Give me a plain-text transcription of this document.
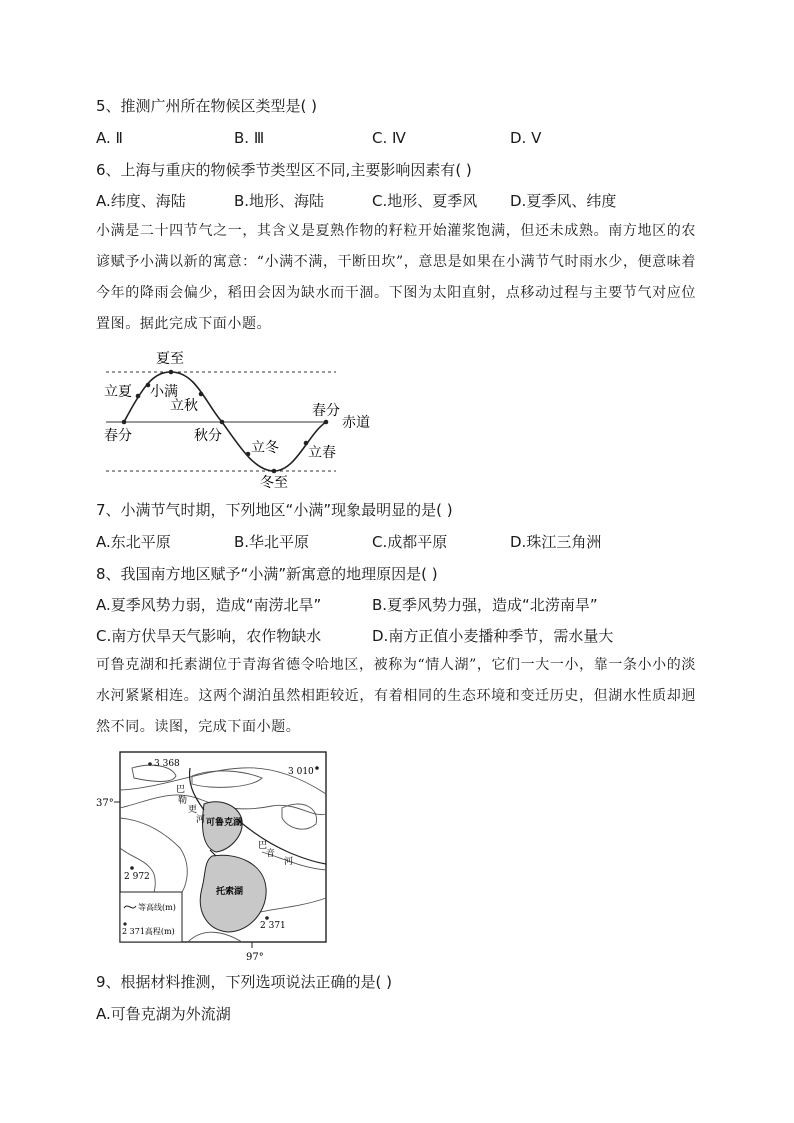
5、推测广州所在物候区类型是( )
A. Ⅱ	B. Ⅲ	C. Ⅳ	D. V
6、上海与重庆的物候季节类型区不同,主要影响因素有( )
A.纬度、海陆	B.地形、海陆	C.地形、夏季风 D.夏季风、纬度
小满是二十四节气之一，其含义是夏熟作物的籽粒开始灌浆饱满，但还未成熟。南方地区的农谚赋予小满以新的寓意：“小满不满，干断田坎”，意思是如果在小满节气时雨水少，便意味着今年的降雨会偏少，稻田会因为缺水而干涸。下图为太阳直射，点移动过程与主要节气对应位置图。据此完成下面小题。
夏至
立夏 小满
立秋	春分
赤道
春分	秋分
立冬 立春
冬至
7、小满节气时期，下列地区“小满”现象最明显的是( )
A.东北平原	B.华北平原	C.成都平原	D.珠江三角洲
8、我国南方地区赋予“小满”新寓意的地理原因是( )
A.夏季风势力弱，造成“南涝北旱”	B.夏季风势力强，造成“北涝南旱”
C.南方伏旱天气影响，农作物缺水	D.南方正值小麦播种季节，需水量大
可鲁克湖和托素湖位于青海省德令哈地区，被称为“情人湖”，它们一大一小，靠一条小小的淡水河紧紧相连。这两个湖泊虽然相距较近，有着相同的生态环境和变迁历史，但湖水性质却迥然不同。读图，完成下面小题。
37°
97°
3 368
3 010
2 972
2 371
巴
勒
更
河
巴
音
河
可鲁克湖
托索湖
等高线(m)
2 371高程(m)
9、根据材料推测，下列选项说法正确的是( )
A.可鲁克湖为外流湖
